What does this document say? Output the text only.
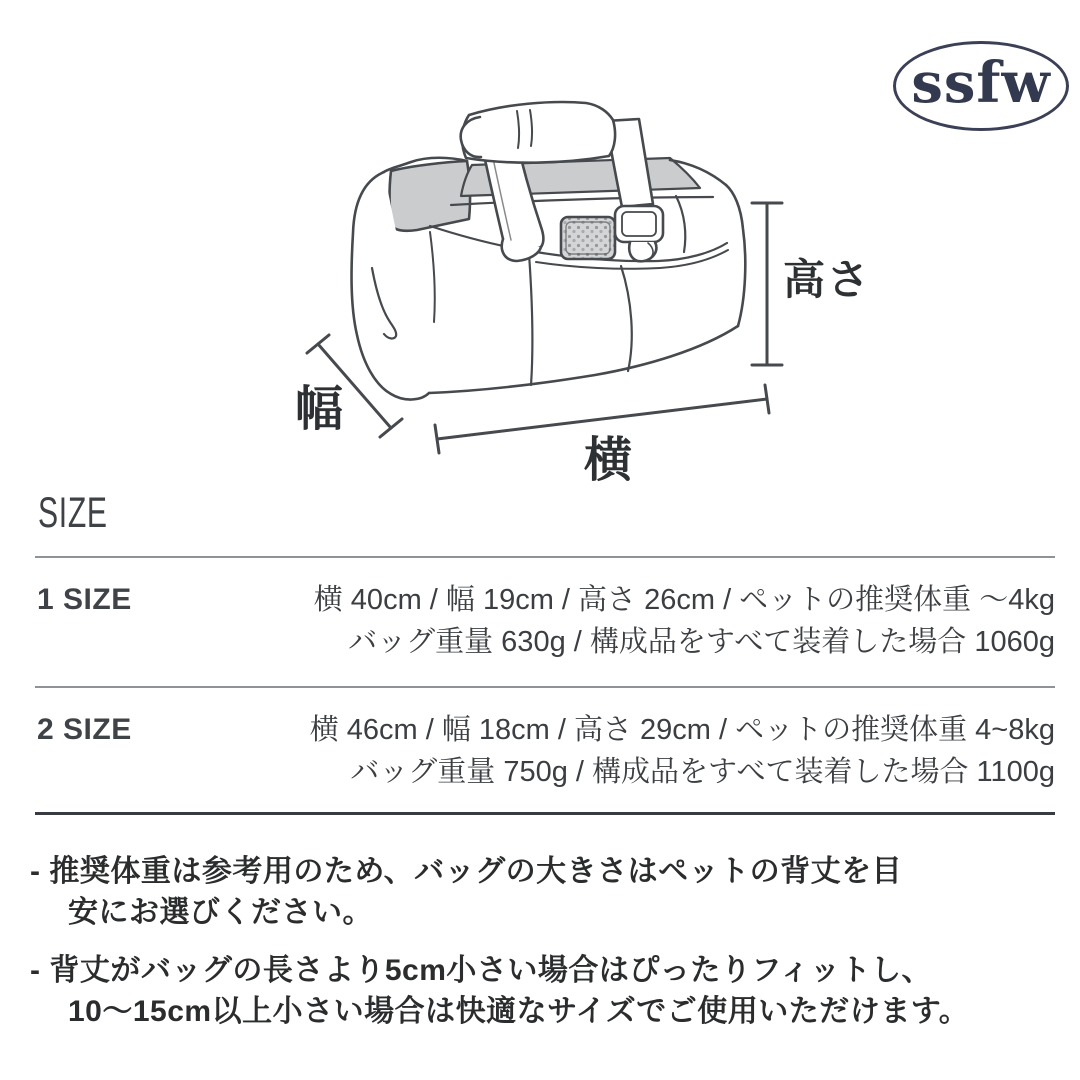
ssfw
高さ
幅
横
SIZE
1 SIZE	横 40cm / 幅 19cm / 高さ 26cm / ペットの推奨体重 〜4kg
バッグ重量 630g / 構成品をすべて装着した場合 1060g
2 SIZE	横 46cm / 幅 18cm / 高さ 29cm / ペットの推奨体重 4~8kg
バッグ重量 750g / 構成品をすべて装着した場合 1100g
- 推奨体重は参考用のため、バッグの大きさはペットの背丈を目
安にお選びください。
- 背丈がバッグの長さより5cm小さい場合はぴったりフィットし、
10〜15cm以上小さい場合は快適なサイズでご使用いただけます。
